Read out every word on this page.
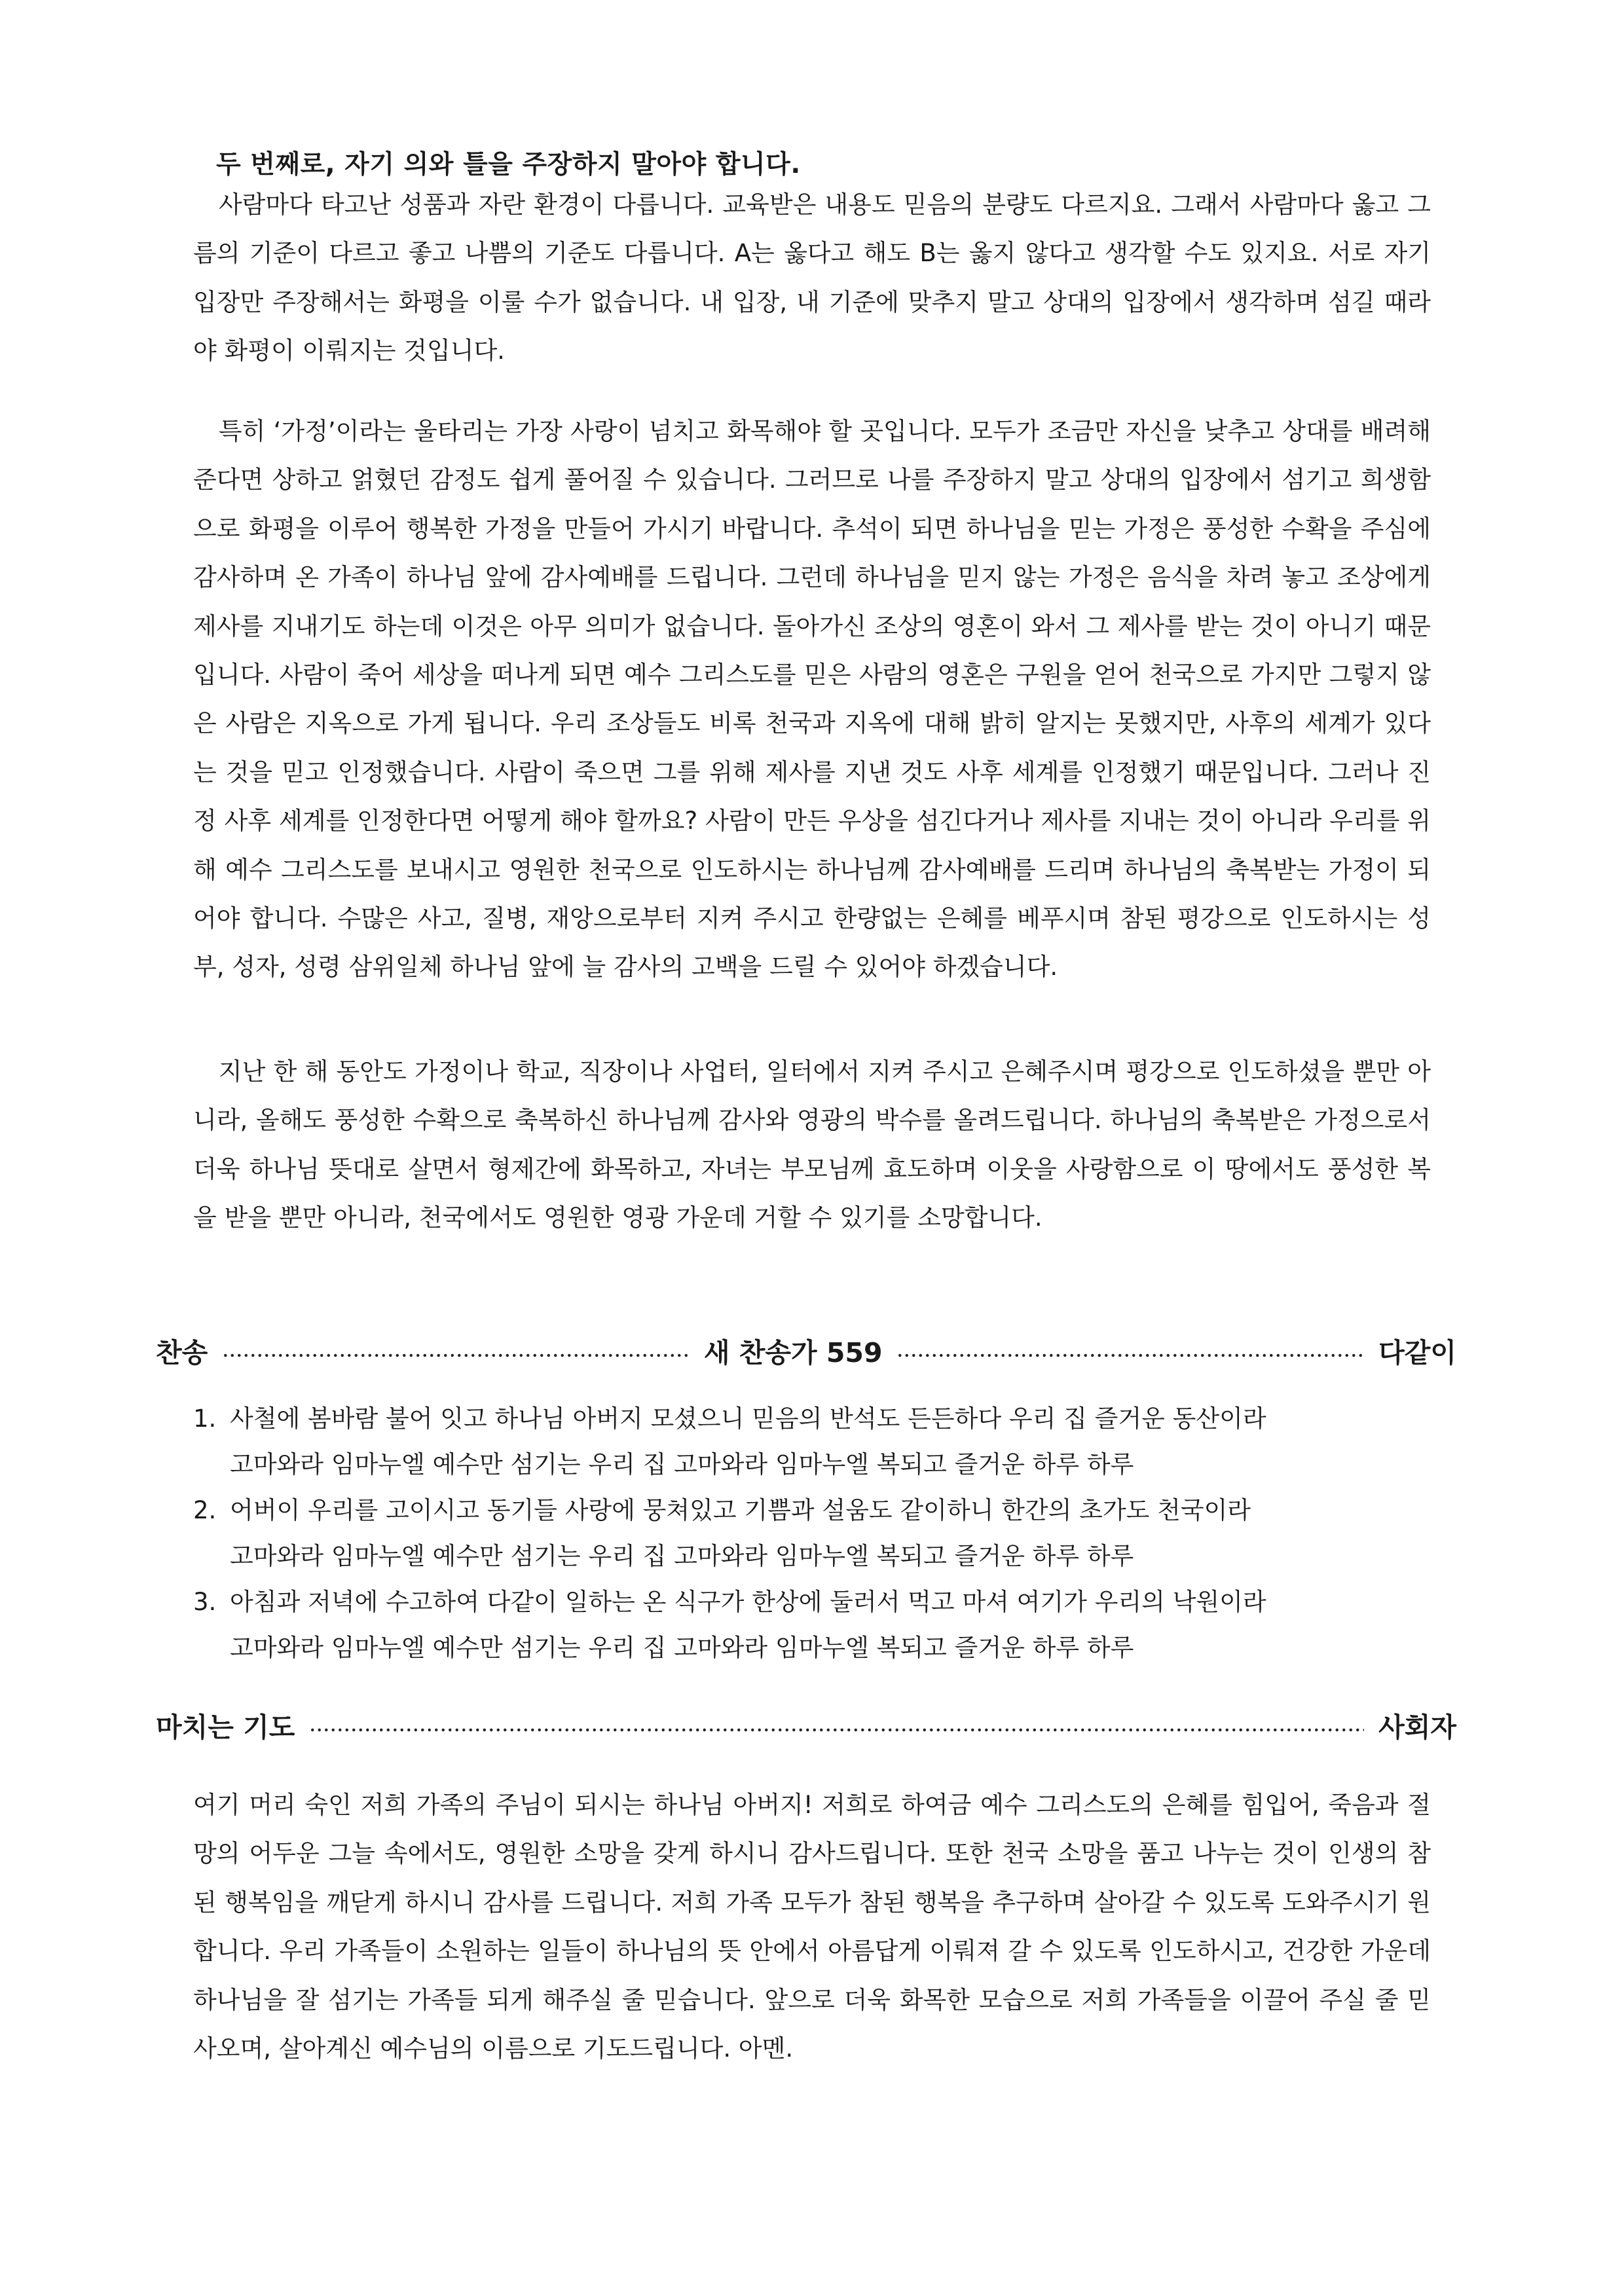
두 번째로, 자기 의와 틀을 주장하지 말아야 합니다.

사람마다 타고난 성품과 자란 환경이 다릅니다. 교육받은 내용도 믿음의 분량도 다르지요. 그래서 사람마다 옳고 그름의 기준이 다르고 좋고 나쁨의 기준도 다릅니다. A는 옳다고 해도 B는 옳지 않다고 생각할 수도 있지요. 서로 자기 입장만 주장해서는 화평을 이룰 수가 없습니다. 내 입장, 내 기준에 맞추지 말고 상대의 입장에서 생각하며 섬길 때라야 화평이 이뤄지는 것입니다.

특히 ‘가정’이라는 울타리는 가장 사랑이 넘치고 화목해야 할 곳입니다. 모두가 조금만 자신을 낮추고 상대를 배려해 준다면 상하고 얽혔던 감정도 쉽게 풀어질 수 있습니다. 그러므로 나를 주장하지 말고 상대의 입장에서 섬기고 희생함으로 화평을 이루어 행복한 가정을 만들어 가시기 바랍니다. 추석이 되면 하나님을 믿는 가정은 풍성한 수확을 주심에 감사하며 온 가족이 하나님 앞에 감사예배를 드립니다. 그런데 하나님을 믿지 않는 가정은 음식을 차려 놓고 조상에게 제사를 지내기도 하는데 이것은 아무 의미가 없습니다. 돌아가신 조상의 영혼이 와서 그 제사를 받는 것이 아니기 때문입니다. 사람이 죽어 세상을 떠나게 되면 예수 그리스도를 믿은 사람의 영혼은 구원을 얻어 천국으로 가지만 그렇지 않은 사람은 지옥으로 가게 됩니다. 우리 조상들도 비록 천국과 지옥에 대해 밝히 알지는 못했지만, 사후의 세계가 있다는 것을 믿고 인정했습니다. 사람이 죽으면 그를 위해 제사를 지낸 것도 사후 세계를 인정했기 때문입니다. 그러나 진정 사후 세계를 인정한다면 어떻게 해야 할까요? 사람이 만든 우상을 섬긴다거나 제사를 지내는 것이 아니라 우리를 위해 예수 그리스도를 보내시고 영원한 천국으로 인도하시는 하나님께 감사예배를 드리며 하나님의 축복받는 가정이 되어야 합니다. 수많은 사고, 질병, 재앙으로부터 지켜 주시고 한량없는 은혜를 베푸시며 참된 평강으로 인도하시는 성부, 성자, 성령 삼위일체 하나님 앞에 늘 감사의 고백을 드릴 수 있어야 하겠습니다.

지난 한 해 동안도 가정이나 학교, 직장이나 사업터, 일터에서 지켜 주시고 은혜주시며 평강으로 인도하셨을 뿐만 아니라, 올해도 풍성한 수확으로 축복하신 하나님께 감사와 영광의 박수를 올려드립니다. 하나님의 축복받은 가정으로서 더욱 하나님 뜻대로 살면서 형제간에 화목하고, 자녀는 부모님께 효도하며 이웃을 사랑함으로 이 땅에서도 풍성한 복을 받을 뿐만 아니라, 천국에서도 영원한 영광 가운데 거할 수 있기를 소망합니다.

찬송	새 찬송가 559	다같이
1. 사철에 봄바람 불어 잇고 하나님 아버지 모셨으니 믿음의 반석도 든든하다 우리 집 즐거운 동산이라
고마와라 임마누엘 예수만 섬기는 우리 집 고마와라 임마누엘 복되고 즐거운 하루 하루
2. 어버이 우리를 고이시고 동기들 사랑에 뭉쳐있고 기쁨과 설움도 같이하니 한간의 초가도 천국이라
고마와라 임마누엘 예수만 섬기는 우리 집 고마와라 임마누엘 복되고 즐거운 하루 하루
3. 아침과 저녁에 수고하여 다같이 일하는 온 식구가 한상에 둘러서 먹고 마셔 여기가 우리의 낙원이라
고마와라 임마누엘 예수만 섬기는 우리 집 고마와라 임마누엘 복되고 즐거운 하루 하루
마치는 기도	사회자

여기 머리 숙인 저희 가족의 주님이 되시는 하나님 아버지! 저희로 하여금 예수 그리스도의 은혜를 힘입어, 죽음과 절망의 어두운 그늘 속에서도, 영원한 소망을 갖게 하시니 감사드립니다. 또한 천국 소망을 품고 나누는 것이 인생의 참된 행복임을 깨닫게 하시니 감사를 드립니다. 저희 가족 모두가 참된 행복을 추구하며 살아갈 수 있도록 도와주시기 원합니다. 우리 가족들이 소원하는 일들이 하나님의 뜻 안에서 아름답게 이뤄져 갈 수 있도록 인도하시고, 건강한 가운데 하나님을 잘 섬기는 가족들 되게 해주실 줄 믿습니다. 앞으로 더욱 화목한 모습으로 저희 가족들을 이끌어 주실 줄 믿사오며, 살아계신 예수님의 이름으로 기도드립니다. 아멘.
